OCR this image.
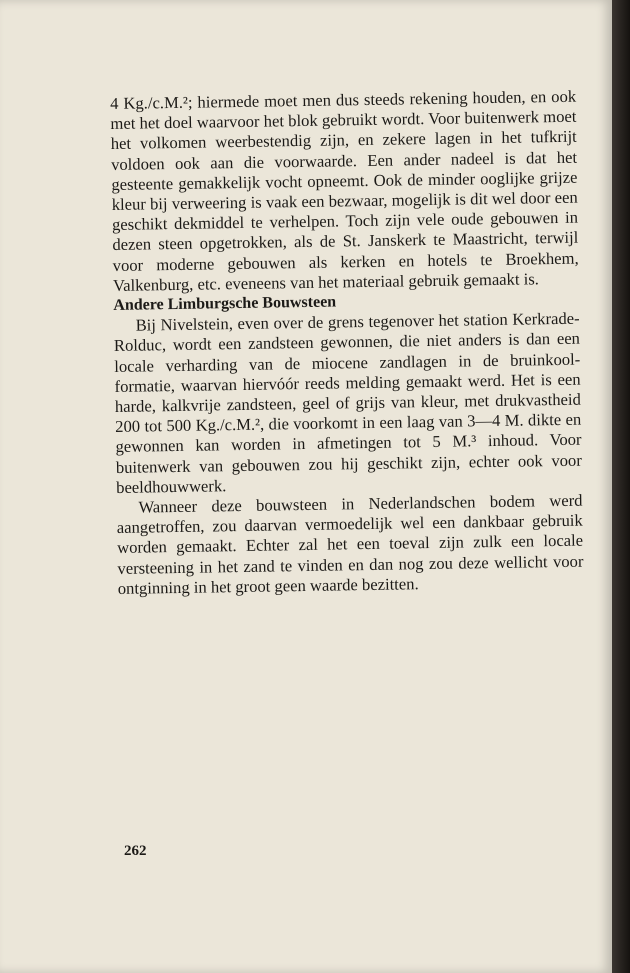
4 Kg./c.M.²; hiermede moet men dus steeds rekening houden, en ook met het doel waarvoor het blok gebruikt wordt. Voor buitenwerk moet het volkomen weerbestendig zijn, en zekere lagen in het tufkrijt voldoen ook aan die voorwaarde. Een ander nadeel is dat het gesteente gemakkelijk vocht opneemt. Ook de minder ooglijke grijze kleur bij verweering is vaak een bezwaar, mogelijk is dit wel door een geschikt dekmiddel te verhelpen. Toch zijn vele oude gebouwen in dezen steen opgetrokken, als de St. Janskerk te Maastricht, terwijl voor moderne gebouwen als kerken en hotels te Broekhem, Valkenburg, etc. eveneens van het materiaal gebruik gemaakt is.

Andere Limburgsche Bouwsteen

Bij Nivelstein, even over de grens tegenover het station Kerkrade-Rolduc, wordt een zandsteen gewonnen, die niet anders is dan een locale verharding van de miocene zandlagen in de bruinkool-formatie, waarvan hiervóór reeds melding gemaakt werd. Het is een harde, kalkvrije zandsteen, geel of grijs van kleur, met drukvastheid 200 tot 500 Kg./c.M.², die voorkomt in een laag van 3—4 M. dikte en gewonnen kan worden in afmetingen tot 5 M.³ inhoud. Voor buitenwerk van gebouwen zou hij geschikt zijn, echter ook voor beeldhouwwerk.

Wanneer deze bouwsteen in Nederlandschen bodem werd aangetroffen, zou daarvan vermoedelijk wel een dankbaar gebruik worden gemaakt. Echter zal het een toeval zijn zulk een locale versteening in het zand te vinden en dan nog zou deze wellicht voor ontginning in het groot geen waarde bezitten.

262
